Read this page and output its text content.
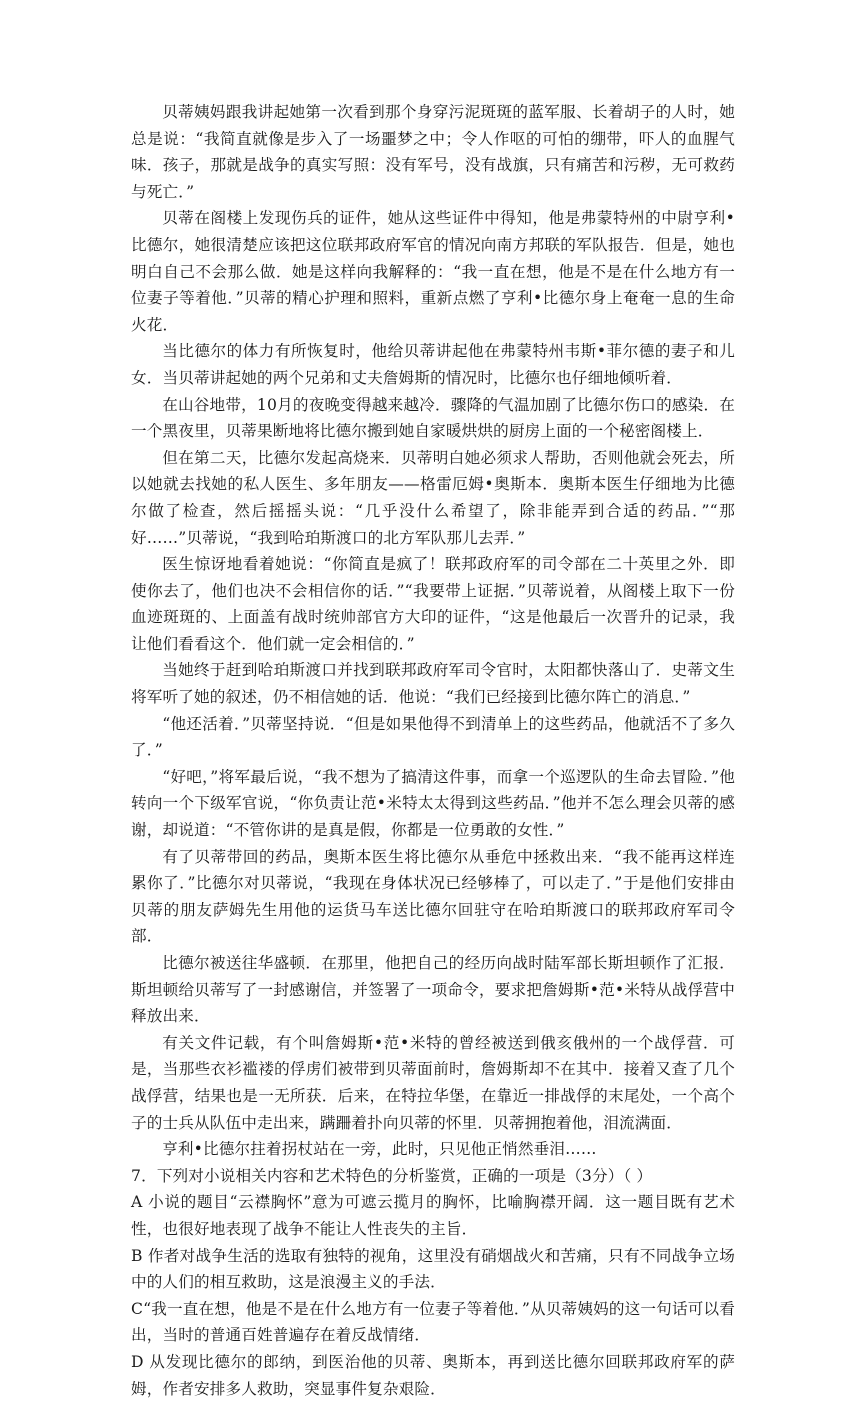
贝蒂姨妈跟我讲起她第一次看到那个身穿污泥斑斑的蓝军服、长着胡子的人时，她总是说：“我简直就像是步入了一场噩梦之中；令人作呕的可怕的绷带，吓人的血腥气味．孩子，那就是战争的真实写照：没有军号，没有战旗，只有痛苦和污秽，无可救药与死亡．”

贝蒂在阁楼上发现伤兵的证件，她从这些证件中得知，他是弗蒙特州的中尉亨利•比德尔，她很清楚应该把这位联邦政府军官的情况向南方邦联的军队报告．但是，她也明白自己不会那么做．她是这样向我解释的：“我一直在想，他是不是在什么地方有一位妻子等着他．”贝蒂的精心护理和照料，重新点燃了亨利•比德尔身上奄奄一息的生命火花．

当比德尔的体力有所恢复时，他给贝蒂讲起他在弗蒙特州韦斯•菲尔德的妻子和儿女．当贝蒂讲起她的两个兄弟和丈夫詹姆斯的情况时，比德尔也仔细地倾听着．

在山谷地带，10月的夜晚变得越来越冷．骤降的气温加剧了比德尔伤口的感染．在一个黑夜里，贝蒂果断地将比德尔搬到她自家暖烘烘的厨房上面的一个秘密阁楼上．

但在第二天，比德尔发起高烧来．贝蒂明白她必须求人帮助，否则他就会死去，所以她就去找她的私人医生、多年朋友——格雷厄姆•奥斯本．奥斯本医生仔细地为比德尔做了检查，然后摇摇头说：“几乎没什么希望了，除非能弄到合适的药品．”“那好……”贝蒂说，“我到哈珀斯渡口的北方军队那儿去弄．”

医生惊讶地看着她说：“你简直是疯了！联邦政府军的司令部在二十英里之外．即使你去了，他们也决不会相信你的话．”“我要带上证据．”贝蒂说着，从阁楼上取下一份血迹斑斑的、上面盖有战时统帅部官方大印的证件，“这是他最后一次晋升的记录，我让他们看看这个．他们就一定会相信的．”

当她终于赶到哈珀斯渡口并找到联邦政府军司令官时，太阳都快落山了．史蒂文生将军听了她的叙述，仍不相信她的话．他说：“我们已经接到比德尔阵亡的消息．”

“他还活着．”贝蒂坚持说．“但是如果他得不到清单上的这些药品，他就活不了多久了．”

“好吧，”将军最后说，“我不想为了搞清这件事，而拿一个巡逻队的生命去冒险．”他转向一个下级军官说，“你负责让范•米特太太得到这些药品．”他并不怎么理会贝蒂的感谢，却说道：“不管你讲的是真是假，你都是一位勇敢的女性．”

有了贝蒂带回的药品，奥斯本医生将比德尔从垂危中拯救出来．“我不能再这样连累你了．”比德尔对贝蒂说，“我现在身体状况已经够棒了，可以走了．”于是他们安排由贝蒂的朋友萨姆先生用他的运货马车送比德尔回驻守在哈珀斯渡口的联邦政府军司令部．

比德尔被送往华盛顿．在那里，他把自己的经历向战时陆军部长斯坦顿作了汇报．斯坦顿给贝蒂写了一封感谢信，并签署了一项命令，要求把詹姆斯•范•米特从战俘营中释放出来．

有关文件记载，有个叫詹姆斯•范•米特的曾经被送到俄亥俄州的一个战俘营．可是，当那些衣衫褴褛的俘虏们被带到贝蒂面前时，詹姆斯却不在其中．接着又查了几个战俘营，结果也是一无所获．后来，在特拉华堡，在靠近一排战俘的末尾处，一个高个子的士兵从队伍中走出来，蹒跚着扑向贝蒂的怀里．贝蒂拥抱着他，泪流满面．

亨利•比德尔拄着拐杖站在一旁，此时，只见他正悄然垂泪……

7．下列对小说相关内容和艺术特色的分析鉴赏，正确的一项是（3分）（ ）

A 小说的题目“云襟胸怀”意为可遮云揽月的胸怀，比喻胸襟开阔．这一题目既有艺术性，也很好地表现了战争不能让人性丧失的主旨．

B 作者对战争生活的选取有独特的视角，这里没有硝烟战火和苦痛，只有不同战争立场中的人们的相互救助，这是浪漫主义的手法．

C“我一直在想，他是不是在什么地方有一位妻子等着他．”从贝蒂姨妈的这一句话可以看出，当时的普通百姓普遍存在着反战情绪．

D 从发现比德尔的郎纳，到医治他的贝蒂、奥斯本，再到送比德尔回联邦政府军的萨姆，作者安排多人救助，突显事件复杂艰险．
